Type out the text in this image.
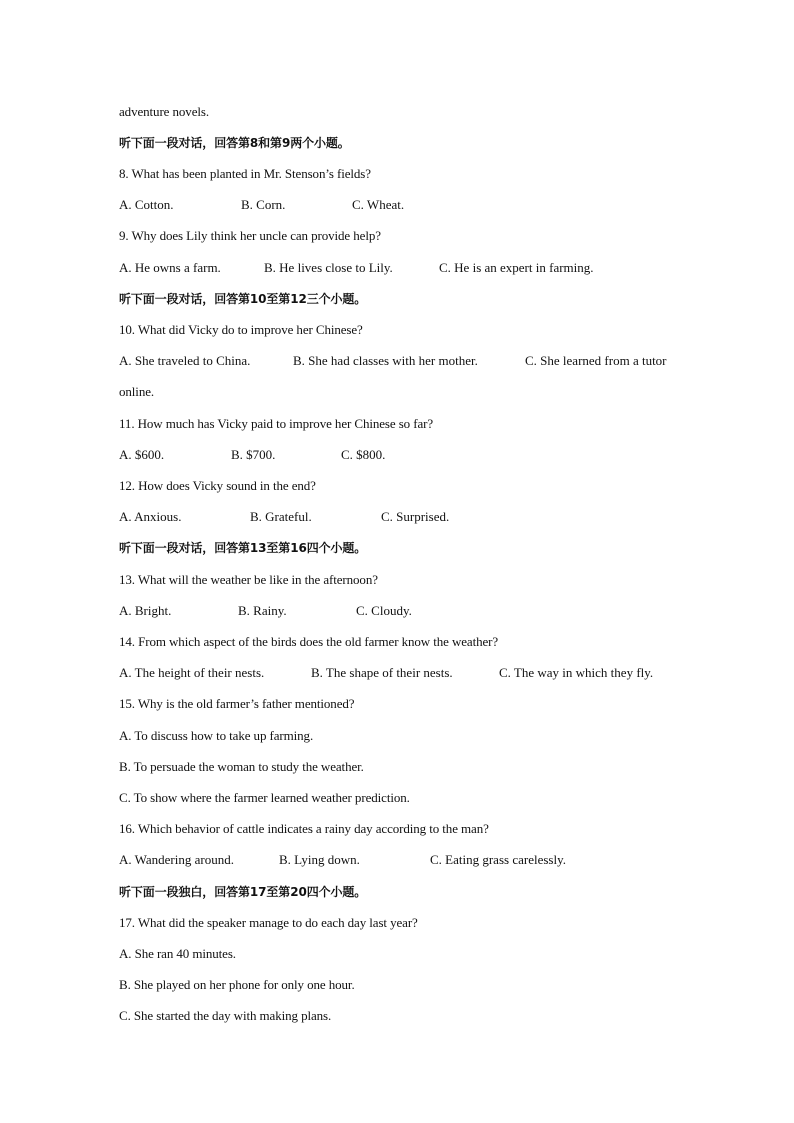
adventure novels.
听下面一段对话，回答第8和第9两个小题。
8. What has been planted in Mr. Stenson’s fields?
A. Cotton.	B. Corn.	C. Wheat.
9. Why does Lily think her uncle can provide help?
A. He owns a farm.	B. He lives close to Lily.	C. He is an expert in farming.
听下面一段对话，回答第10至第12三个小题。
10. What did Vicky do to improve her Chinese?
A. She traveled to China.	B. She had classes with her mother.	C. She learned from a tutor
online.
11. How much has Vicky paid to improve her Chinese so far?
A. $600.	B. $700.	C. $800.
12. How does Vicky sound in the end?
A. Anxious.	B. Grateful.	C. Surprised.
听下面一段对话，回答第13至第16四个小题。
13. What will the weather be like in the afternoon?
A. Bright.	B. Rainy.	C. Cloudy.
14. From which aspect of the birds does the old farmer know the weather?
A. The height of their nests.	B. The shape of their nests.	C. The way in which they fly.
15. Why is the old farmer’s father mentioned?
A. To discuss how to take up farming.
B. To persuade the woman to study the weather.
C. To show where the farmer learned weather prediction.
16. Which behavior of cattle indicates a rainy day according to the man?
A. Wandering around.	B. Lying down.	C. Eating grass carelessly.
听下面一段独白，回答第17至第20四个小题。
17. What did the speaker manage to do each day last year?
A. She ran 40 minutes.
B. She played on her phone for only one hour.
C. She started the day with making plans.
